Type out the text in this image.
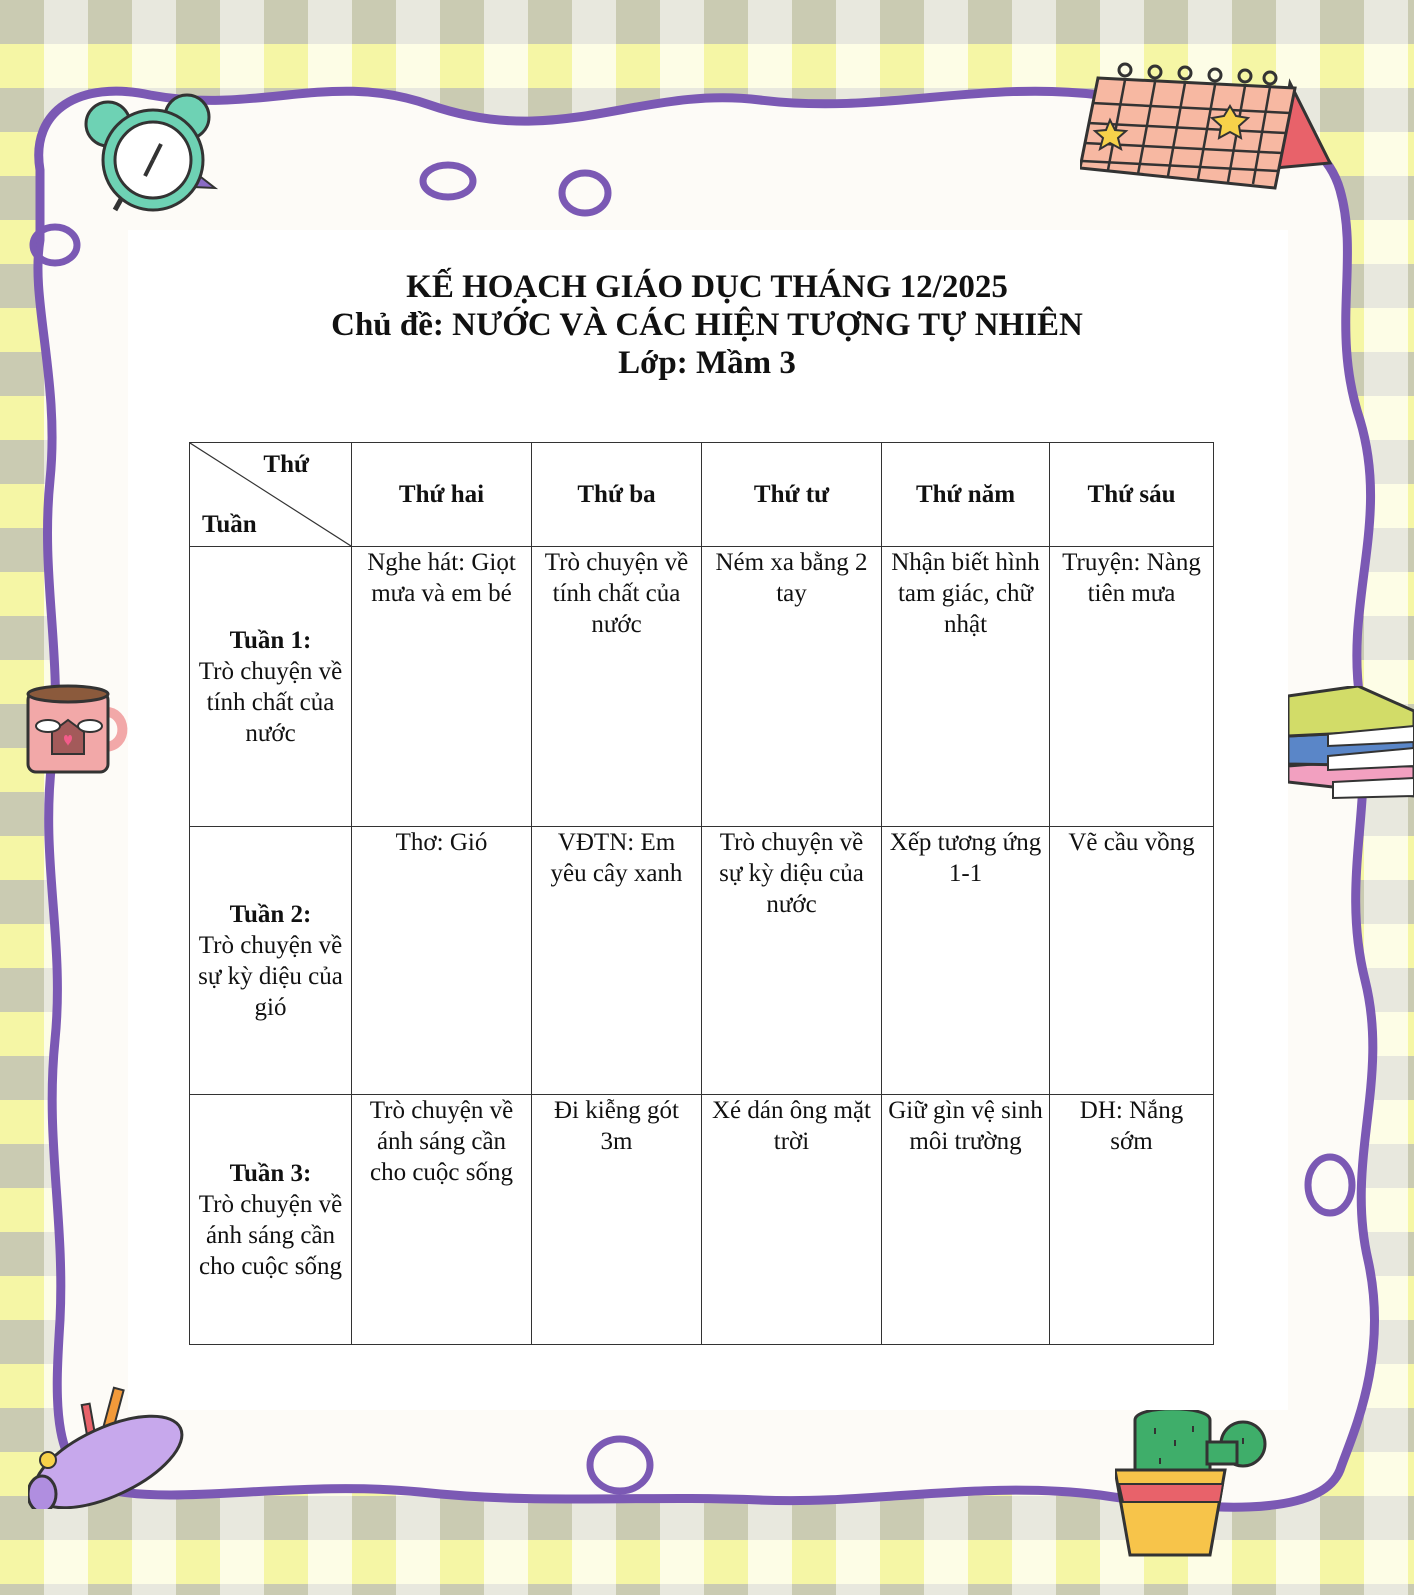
KẾ HOẠCH GIÁO DỤC THÁNG 12/2025
Chủ đề: NƯỚC VÀ CÁC HIỆN TƯỢNG TỰ NHIÊN
Lớp: Mầm 3
Thứ
Tuần	Thứ hai	Thứ ba	Thứ tư	Thứ năm	Thứ sáu

Tuần 1:
Trò chuyện về tính chất của nước	Nghe hát: Giọt mưa và em bé	Trò chuyện về tính chất của nước	Ném xa bằng 2 tay	Nhận biết hình tam giác, chữ nhật	Truyện: Nàng tiên mưa

Tuần 2:
Trò chuyện về sự kỳ diệu của gió	Thơ: Gió	VĐTN: Em yêu cây xanh	Trò chuyện về sự kỳ diệu của nước	Xếp tương ứng 1-1	Vẽ cầu vồng

Tuần 3:
Trò chuyện về ánh sáng cần cho cuộc sống	Trò chuyện về ánh sáng cần cho cuộc sống	Đi kiễng gót 3m	Xé dán ông mặt trời	Giữ gìn vệ sinh môi trường	DH: Nắng sớm
